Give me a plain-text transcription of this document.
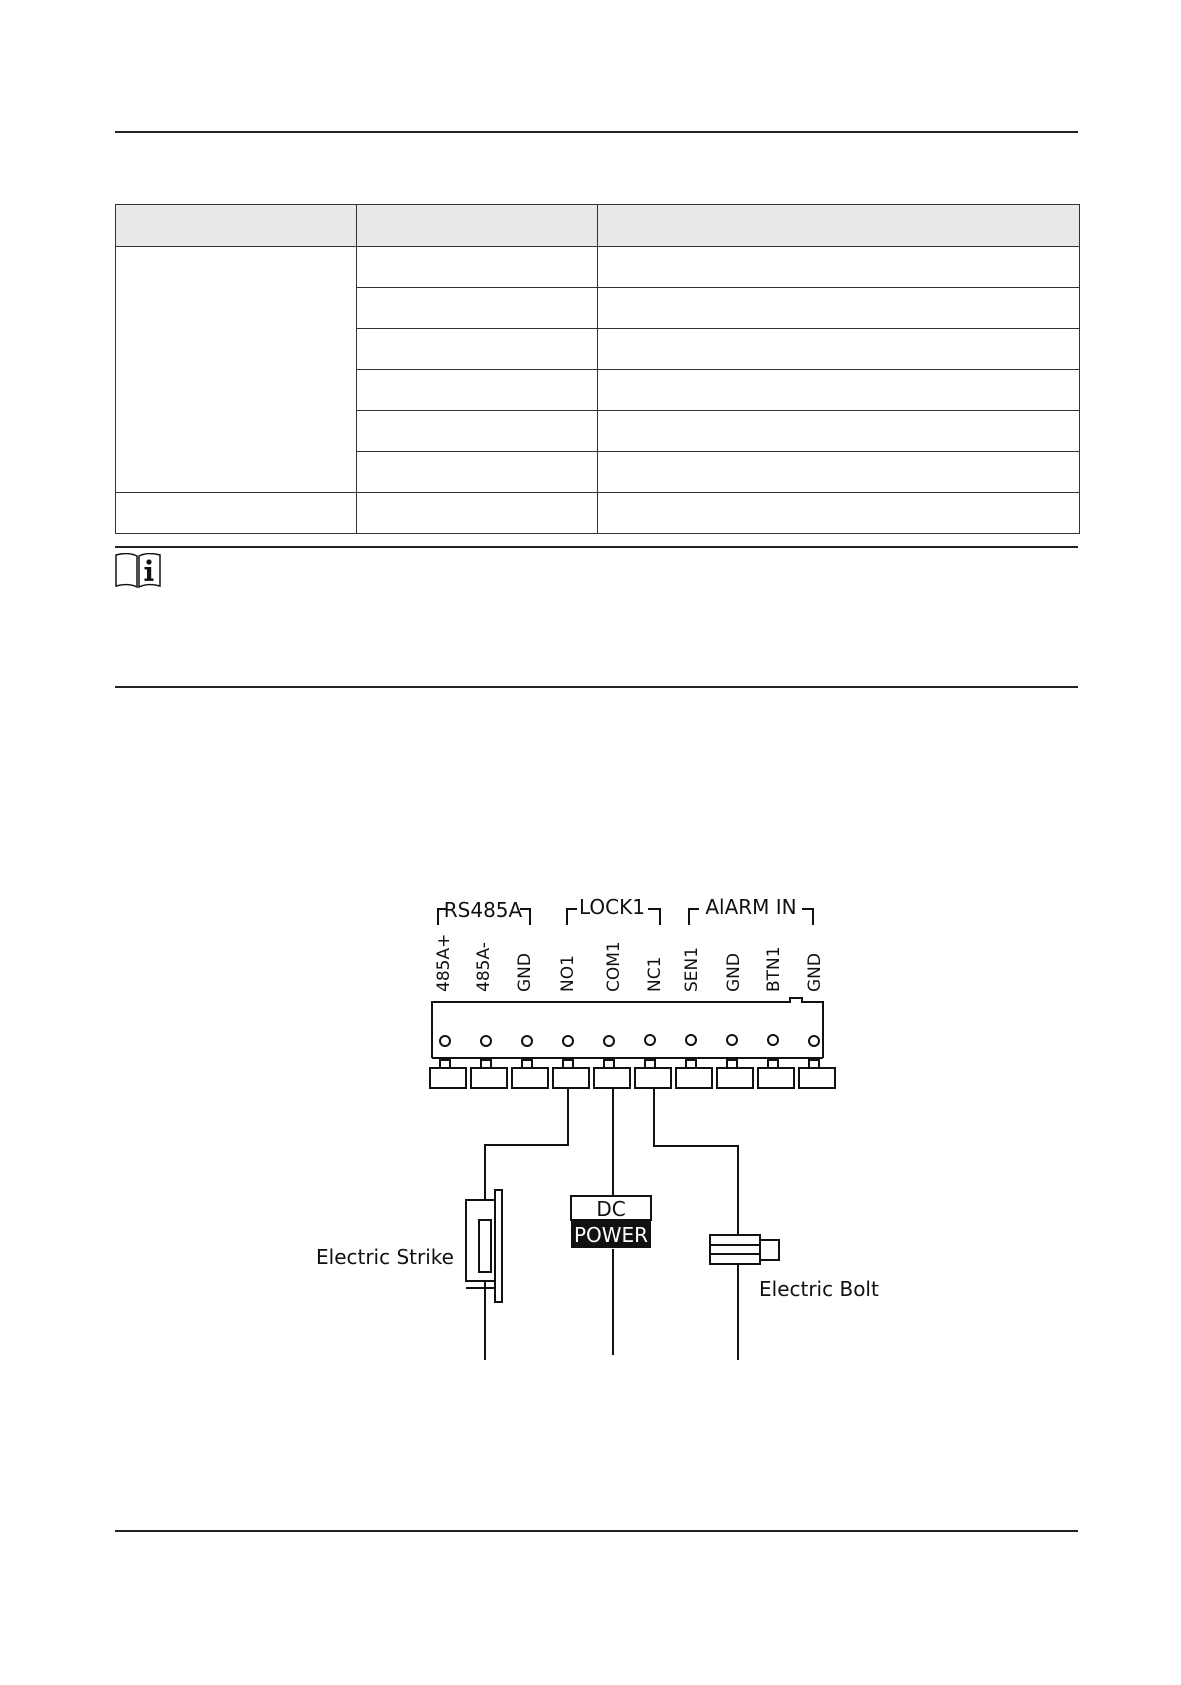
RS485A	LOCK1	AlARM IN
485A+ 485A- GND NO1 COM1 NC1 SEN1 GND BTN1 GND
Electric Strike
DC
POWER
Electric Bolt
